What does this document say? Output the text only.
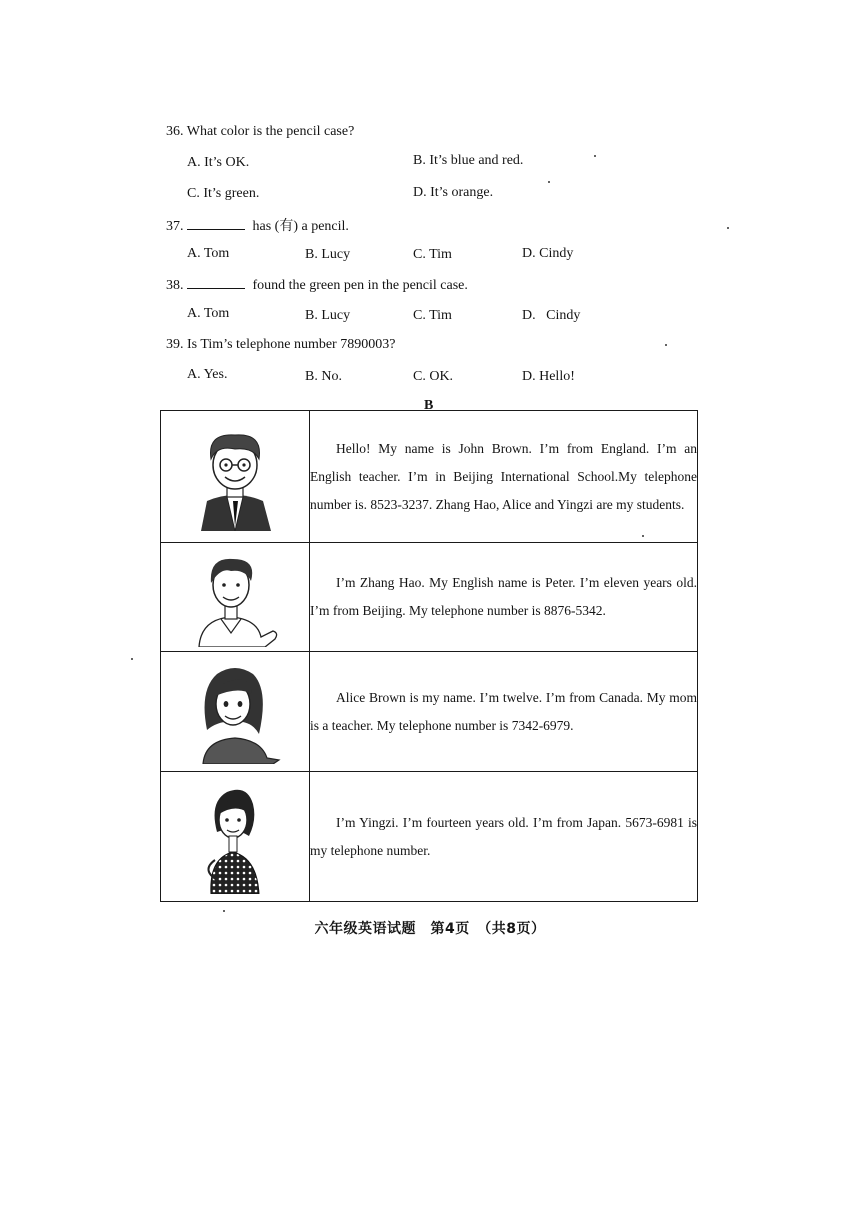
36. What color is the pencil case?
A. It’s OK.	B. It’s blue and red.
C. It’s green.	D. It’s orange.
37.	has (有) a pencil.
A. Tom	B. Lucy	C. Tim	D. Cindy
38.	found the green pen in the pencil case.
A. Tom	B. Lucy	C. Tim	D.   Cindy
39. Is Tim’s telephone number 7890003?
A. Yes.	B. No.	C. OK.	D. Hello!
B

Hello! My name is John Brown. I’m from England. I’m an English teacher. I’m in Beijing International School.My telephone number is. 8523-3237. Zhang Hao, Alice and Yingzi are my students.

I’m Zhang Hao. My English name is Peter. I’m eleven years old. I’m from Beijing. My telephone number is 8876-5342.

Alice Brown is my name. I’m twelve. I’m from Canada. My mom is a teacher. My telephone number is 7342-6979.

I’m Yingzi. I’m fourteen years old. I’m from Japan. 5673-6981 is my telephone number.

六年级英语试题　第4页　（共8页）
